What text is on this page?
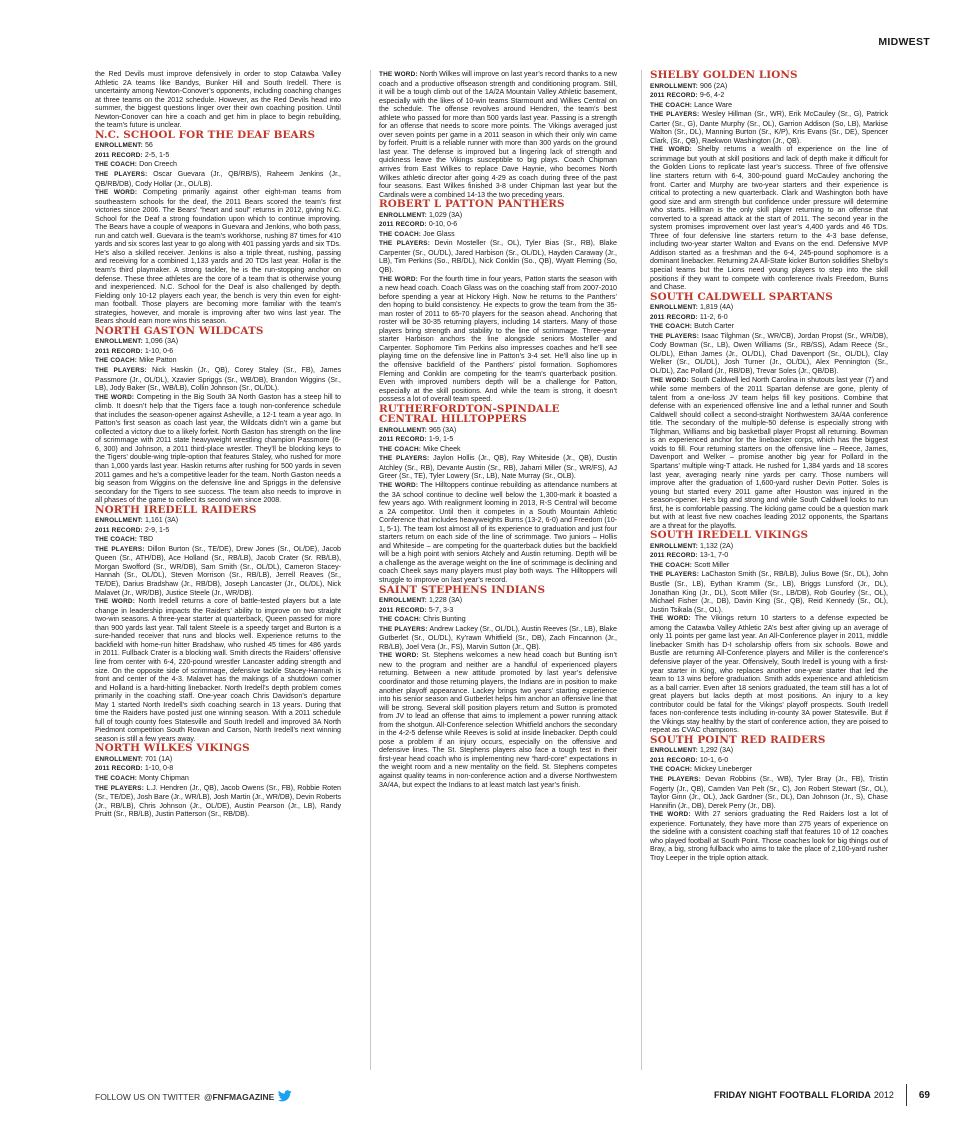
MIDWEST

the Red Devils must improve defensively in order to stop Catawba Valley Athletic 2A teams like Bandys, Bunker Hill and South Iredell. There is uncertainty among Newton-Conover’s opponents, including coaching changes at three teams on the 2012 schedule. However, as the Red Devils head into summer, the biggest questions linger over their own coaching position. Until Newton-Conover can hire a coach and get him in place to begin rebuilding, the team’s future is unclear.

N.C. SCHOOL FOR THE DEAF BEARS

ENROLLMENT: 56

2011 RECORD: 2-5, 1-5

THE COACH: Don Creech

THE PLAYERS: Oscar Guevara (Jr., QB/RB/S), Raheem Jenkins (Jr., QB/RB/DB), Cody Hollar (Jr., OL/LB).

THE WORD: Competing primarily against other eight-man teams from southeastern schools for the deaf, the 2011 Bears scored the team’s first victories since 2006. The Bears’ “heart and soul” returns in 2012, giving N.C. School for the Deaf a strong foundation upon which to continue improving. The Bears have a couple of weapons in Guevara and Jenkins, who both pass, run and catch well. Guevara is the team’s workhorse, rushing 87 times for 410 yards and six scores last year to go along with 401 passing yards and six TDs. He’s also a skilled receiver. Jenkins is also a triple threat, rushing, passing and receiving for a combined 1,133 yards and 20 TDs last year. Hollar is the team’s third playmaker. A strong tackler, he is the run-stopping anchor on defense. These three athletes are the core of a team that is otherwise young and inexperienced. N.C. School for the Deaf is also challenged by depth. Fielding only 10-12 players each year, the bench is very thin even for eight-man football. Those players are becoming more familiar with the team’s strategies, however, and morale is improving after two wins last year. The Bears should earn more wins this season.

NORTH GASTON WILDCATS

ENROLLMENT: 1,096 (3A)

2011 RECORD: 1-10, 0-6

THE COACH: Mike Patton

THE PLAYERS: Nick Haskin (Jr., QB), Corey Staley (Sr., FB), James Passmore (Jr., OL/DL), Xzavier Spriggs (Sr., WB/DB), Brandon Wiggins (Sr., LB), Jody Baker (Sr., WB/LB), Collin Johnson (Sr., OL/DL).

THE WORD: Competing in the Big South 3A North Gaston has a steep hill to climb. It doesn’t help that the Tigers face a tough non-conference schedule that includes the season-opener against Asheville, a 12-1 team a year ago. In Patton’s first season as coach last year, the Wildcats didn’t win a game but collected a victory due to a likely forfeit. North Gaston has strength on the line of scrimmage with 2011 state heavyweight wrestling champion Passmore (6-6, 300) and Johnson, a 2011 third-place wrestler. They’ll be blocking keys to the Tigers’ double-wing triple-option that features Staley, who rushed for more than 1,000 yards last year. Haskin returns after rushing for 500 yards in seven 2011 games and he’s a competitive leader for the team. North Gaston needs a big season from Wiggins on the defensive line and Spriggs in the defensive secondary for the Tigers to see success. The team also needs to improve in all phases of the game to collect its second win since 2008.

NORTH IREDELL RAIDERS

ENROLLMENT: 1,161 (3A)

2011 RECORD: 2-9, 1-5

THE COACH: TBD

THE PLAYERS: Dillon Burton (Sr., TE/DE), Drew Jones (Sr., OL/DE), Jacob Queen (Sr., ATH/DB), Ace Holland (Sr., RB/LB), Jacob Crater (Sr. RB/LB), Morgan Swofford (Sr., WR/DB), Sam Smith (Sr., OL/DL), Cameron Stacey-Hannah (Sr., OL/DL), Steven Morrison (Sr., RB/LB), Jerrell Reaves (Sr., TE/DE), Darius Bradshaw (Jr., RB/DB), Joseph Lancaster (Jr., OL/DL), Nick Malavet (Jr., WR/DB), Justice Steele (Jr., WR/DB).

THE WORD: North Iredell returns a core of battle-tested players but a late change in leadership impacts the Raiders’ ability to improve on two straight two-win seasons. A three-year starter at quarterback, Queen passed for more than 900 yards last year. Tall talent Steele is a speedy target and Burton is a sure-handed receiver that runs and blocks well. Experience returns to the backfield with home-run hitter Bradshaw, who rushed 45 times for 486 yards in 2011. Fullback Crater is a blocking wall. Smith directs the Raiders’ offensive line from center with 6-4, 220-pound wrestler Lancaster adding strength and size. On the opposite side of scrimmage, defensive tackle Stacey-Hannah is front and center of the 4-3. Malavet has the makings of a shutdown corner and Holland is a hard-hitting linebacker. North Iredell’s depth problem comes primarily in the coaching staff. One-year coach Chris Davidson’s departure May 1 started North Iredell’s sixth coaching search in 13 years. During that time the Raiders have posted just one winning season. With a 2011 schedule full of tough county foes Statesville and South Iredell and improved 3A North Piedmont competition South Rowan and Carson, North Iredell’s next winning season is still a few years away.

NORTH WILKES VIKINGS

ENROLLMENT: 701 (1A)

2011 RECORD: 1-10, 0-8

THE COACH: Monty Chipman

THE PLAYERS: L.J. Hendren (Jr., QB), Jacob Owens (Sr., FB), Robbie Roten (Sr., TE/DE), Josh Bare (Jr., WR/LB), Josh Martin (Jr., WR/DB), Devin Roberts (Jr., RB/LB), Chris Johnson (Jr., OL/DE), Austin Pearson (Jr., LB), Randy Pruitt (Sr., RB/LB), Justin Patterson (Sr., RB/DB).

THE WORD: North Wilkes will improve on last year’s record thanks to a new coach and a productive offseason strength and conditioning program. Still, it will be a tough climb out of the 1A/2A Mountain Valley Athletic basement, especially with the likes of 10-win teams Starmount and Wilkes Central on the schedule. The offense revolves around Hendren, the team’s best athlete who passed for more than 500 yards last year. Passing is a strength for an offense that needs to score more points. The Vikings averaged just over seven points per game in a 2011 season in which their only win came by forfeit. Pruitt is a reliable runner with more than 300 yards on the ground last year. The defense is improved but a lingering lack of strength and quickness leave the Vikings susceptible to big plays. Coach Chipman arrives from East Wilkes to replace Dave Haynie, who becomes North Wilkes athletic director after going 4-29 as coach during three of the past four seasons. East Wilkes finished 3-8 under Chipman last year but the Cardinals were a combined 14-13 the two preceding years.

ROBERT L PATTON PANTHERS

ENROLLMENT: 1,029 (3A)

2011 RECORD: 0-10, 0-6

THE COACH: Joe Glass

THE PLAYERS: Devin Mosteller (Sr., OL), Tyler Bias (Sr., RB), Blake Carpenter (Sr., OL/DL), Jared Harbison (Sr., OL/DL), Hayden Caraway (Jr., LB), Tim Perkins (So., RB/DL), Nick Conklin (So., QB), Wyatt Fleming (So, QB).

THE WORD: For the fourth time in four years, Patton starts the season with a new head coach. Coach Glass was on the coaching staff from 2007-2010 before spending a year at Hickory High. Now he returns to the Panthers’ den hoping to build consistency. He expects to grow the team from the 35-man roster of 2011 to 65-70 players for the season ahead. Anchoring that roster will be 30-35 returning players, including 14 starters. Many of those players bring strength and stability to the line of scrimmage. Three-year starter Harbison anchors the line alongside seniors Mosteller and Carpenter. Sophomore Tim Perkins also impresses coaches and he’ll see playing time on the defensive line in Patton’s 3-4 set. He’ll also line up in the offensive backfield of the Panthers’ pistol formation. Sophomores Fleming and Conklin are competing for the team’s quarterback position. Even with improved numbers depth will be a challenge for Patton, especially at the skill positions. And while the team is strong, it doesn’t possess a lot of overall team speed.

RUTHERFORDTON-SPINDALE CENTRAL HILLTOPPERS

ENROLLMENT: 965 (3A)

2011 RECORD: 1-9, 1-5

THE COACH: Mike Cheek

THE PLAYERS: Jaylon Hollis (Jr., QB), Ray Whiteside (Jr., QB), Dustin Atchley (Sr., RB), Devante Austin (Sr., RB), Jaharri Miller (Sr., WR/FS), AJ Greer (Sr., TE), Tyler Lowery (Sr., LB), Nate Murray (Sr., OLB).

THE WORD: The Hilltoppers continue rebuilding as attendance numbers at the 3A school continue to decline well below the 1,300-mark it boasted a few years ago. With realignment looming in 2013, R-S Central will become a 2A competitor. Until then it competes in a South Mountain Athletic Conference that includes heavyweights Burns (13-2, 6-0) and Freedom (10-1, 5-1). The team lost almost all of its experience to graduation and just four starters return on each side of the line of scrimmage. Two juniors – Hollis and Whiteside – are competing for the quarterback duties but the backfield will be a high point with seniors Atchely and Austin returning. Depth will be a challenge as the average weight on the line of scrimmage is declining and coach Cheek says many players must play both ways. The Hilltoppers will struggle to improve on last year’s record.

SAINT STEPHENS INDIANS

ENROLLMENT: 1,228 (3A)

2011 RECORD: 5-7, 3-3

THE COACH: Chris Bunting

THE PLAYERS: Andrew Lackey (Sr., OL/DL), Austin Reeves (Sr., LB), Blake Gutberlet (Sr., OL/DL), Ky’rawn Whitfield (Sr., DB), Zach Fincannon (Jr., RB/LB), Joel Vera (Jr., FS), Marvin Sutton (Jr., QB).

THE WORD: St. Stephens welcomes a new head coach but Bunting isn’t new to the program and neither are a handful of experienced players returning. Between a new attitude promoted by last year’s defensive coordinator and those returning players, the Indians are in position to make another playoff appearance. Lackey brings two years’ starting experience into his senior season and Gutberlet helps him anchor an offensive line that will be strong. Several skill position players return and Sutton is promoted from JV to lead an offense that aims to implement a power running attack from the shotgun. All-Conference selection Whitfield anchors the secondary in the 4-2-5 defense while Reeves is solid at inside linebacker. Depth could pose a problem if an injury occurs, especially on the offensive and defensive lines. The St. Stephens players also face a tough test in their first-year head coach who is implementing new “hard-core” expectations in the weight room and a new mentality on the field. St. Stephens competes against quality teams in non-conference action and a diverse Northwestern 3A/4A, but expect the Indians to at least match last year’s finish.

SHELBY GOLDEN LIONS

ENROLLMENT: 906 (2A)

2011 RECORD: 9-6, 4-2

THE COACH: Lance Ware

THE PLAYERS: Wesley Hillman (Sr., WR), Erik McCauley (Sr., G), Patrick Carter (Sr., G), Dante Murphy (Sr., OL), Garrion Addison (So, LB), Markise Walton (Sr., DL), Manning Burton (Sr., K/P), Kris Evans (Sr., DE), Spencer Clark, (Sr., QB), Raekwon Washington (Jr., QB).

THE WORD: Shelby returns a wealth of experience on the line of scrimmage but youth at skill positions and lack of depth make it difficult for the Golden Lions to replicate last year’s success. Three of five offensive line starters return with 6-4, 300-pound guard McCauley anchoring the front. Carter and Murphy are two-year starters and their experience is critical to protecting a new quarterback. Clark and Washington both have good size and arm strength but confidence under pressure will determine who starts. Hillman is the only skill player returning to an offense that converted to a spread attack at the start of 2011. The second year in the system promises improvement over last year’s 4,400 yards and 46 TDs. Three of four defensive line starters return to the 4-3 base defense, including two-year starter Walton and Evans on the end. Defensive MVP Addison started as a freshman and the 6-4, 245-pound sophomore is a dominant linebacker. Returning 2A All-State kicker Burton solidifies Shelby’s special teams but the Lions need young players to step into the skill positions if they want to compete with conference rivals Freedom, Burns and Chase.

SOUTH CALDWELL SPARTANS

ENROLLMENT: 1,819 (4A)

2011 RECORD: 11-2, 6-0

THE COACH: Butch Carter

THE PLAYERS: Isaac Tilghman (Sr., WR/CB), Jordan Propst (Sr., WR/DB), Cody Bowman (Sr., LB), Owen Williams (Sr., RB/SS), Adam Reece (Sr., OL/DL), Ethan James (Jr., OL/DL), Chad Davenport (Sr., OL/DL), Clay Welker (Sr., OL/DL), Josh Turner (Jr., OL/DL), Alex Pennington (Sr., OL/DL), Zac Pollard (Jr., RB/DB), Trevar Soles (Jr., QB/DB).

THE WORD: South Caldwell led North Carolina in shutouts last year (7) and while some members of the 2011 Spartan defense are gone, plenty of talent from a one-loss JV team helps fill key positions. Combine that defense with an experienced offensive line and a lethal runner and South Caldwell should collect a second-straight Northwestern 3A/4A conference title. The secondary of the multiple-50 defense is especially strong with Tilghman, Williams and big basketball player Propst all returning. Bowman is an experienced anchor for the linebacker corps, which has the biggest voids to fill. Four returning starters on the offensive line – Reece, James, Davenport and Welker – promise another big year for Pollard in the Spartans’ multiple wing-T attack. He rushed for 1,384 yards and 18 scores last year, averaging nearly nine yards per carry. Those numbers will improve after the graduation of 1,600-yard rusher Devin Potter. Soles is young but started every 2011 game after Houston was injured in the season-opener. He’s big and strong and while South Caldwell looks to run first, he is comfortable passing. The kicking game could be a question mark but with at least five new coaches leading 2012 opponents, the Spartans are a threat for the playoffs.

SOUTH IREDELL VIKINGS

ENROLLMENT: 1,132 (2A)

2011 RECORD: 13-1, 7-0

THE COACH: Scott Miller

THE PLAYERS: LaChaston Smith (Sr., RB/LB), Julius Bowe (Sr., DL), John Bustle (Sr., LB), Eythan Kramm (Sr., LB), Briggs Lunsford (Jr., DL), Jonathan King (Jr., DL), Scott Miller (Sr., LB/DB), Rob Gourley (Sr., OL), Michael Fisher (Jr., DB), Davin King (Sr., QB), Reid Kennedy (Sr., OL), Justin Tsikala (Sr., OL).

THE WORD: The Vikings return 10 starters to a defense expected be among the Catawba Valley Athletic 2A’s best after giving up an average of only 11 points per game last year. An All-Conference player in 2011, middle linebacker Smith has D-I scholarship offers from six schools. Bowe and Bustle are returning All-Conference players and Miller is the conference’s defensive player of the year. Offensively, South Iredell is young with a first-year starter in King, who replaces another one-year starter that led the team to 13 wins before graduation. Smith adds experience and athleticism as a ball carrier. Even after 18 seniors graduated, the team still has a lot of great players but lacks depth at most positions. An injury to a key contributor could be fatal for the Vikings’ playoff prospects. South Iredell faces non-conference tests including in-county 3A power Statesville. But if the Vikings stay healthy by the start of conference action, they are poised to repeat as CVAC champions.

SOUTH POINT RED RAIDERS

ENROLLMENT: 1,292 (3A)

2011 RECORD: 10-1, 6-0

THE COACH: Mickey Lineberger

THE PLAYERS: Devan Robbins (Sr., WB), Tyler Bray (Jr., FB), Tristin Fogerty (Jr., QB), Camden Van Pelt (Sr., C), Jon Robert Stewart (Sr., OL), Taylor Ginn (Jr., OL), Jack Gardner (Sr., DL), Dan Johnson (Jr., S), Chase Hannifin (Jr., DB), Derek Perry (Jr., DB).

THE WORD: With 27 seniors graduating the Red Raiders lost a lot of experience. Fortunately, they have more than 275 years of experience on the sideline with a consistent coaching staff that features 10 of 12 coaches who played football at South Point. Those coaches look for big things out of Bray, a big, strong fullback who aims to take the place of 2,100-yard rusher Troy Leeper in the triple option attack.

FOLLOW US ON TWITTER @FNFMAGAZINE	FRIDAY NIGHT FOOTBALL FLORIDA 2012	69
